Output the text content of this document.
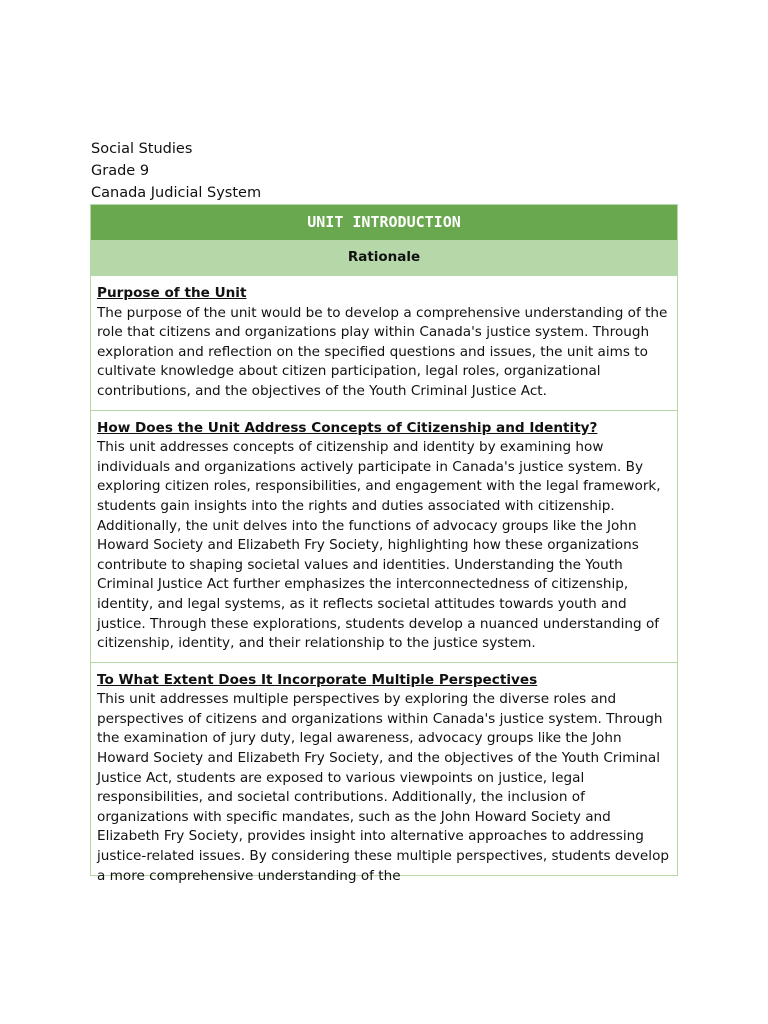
Social Studies
Grade 9
Canada Judicial System
UNIT INTRODUCTION
Rationale
Purpose of the Unit
The purpose of the unit would be to develop a comprehensive understanding of the role that citizens and organizations play within Canada's justice system. Through exploration and reflection on the specified questions and issues, the unit aims to cultivate knowledge about citizen participation, legal roles, organizational contributions, and the objectives of the Youth Criminal Justice Act.
How Does the Unit Address Concepts of Citizenship and Identity?
This unit addresses concepts of citizenship and identity by examining how individuals and organizations actively participate in Canada's justice system. By exploring citizen roles, responsibilities, and engagement with the legal framework, students gain insights into the rights and duties associated with citizenship. Additionally, the unit delves into the functions of advocacy groups like the John Howard Society and Elizabeth Fry Society, highlighting how these organizations contribute to shaping societal values and identities. Understanding the Youth Criminal Justice Act further emphasizes the interconnectedness of citizenship, identity, and legal systems, as it reflects societal attitudes towards youth and justice. Through these explorations, students develop a nuanced understanding of citizenship, identity, and their relationship to the justice system.
To What Extent Does It Incorporate Multiple Perspectives
This unit addresses multiple perspectives by exploring the diverse roles and perspectives of citizens and organizations within Canada's justice system. Through the examination of jury duty, legal awareness, advocacy groups like the John Howard Society and Elizabeth Fry Society, and the objectives of the Youth Criminal Justice Act, students are exposed to various viewpoints on justice, legal responsibilities, and societal contributions. Additionally, the inclusion of organizations with specific mandates, such as the John Howard Society and Elizabeth Fry Society, provides insight into alternative approaches to addressing justice-related issues. By considering these multiple perspectives, students develop a more comprehensive understanding of the
